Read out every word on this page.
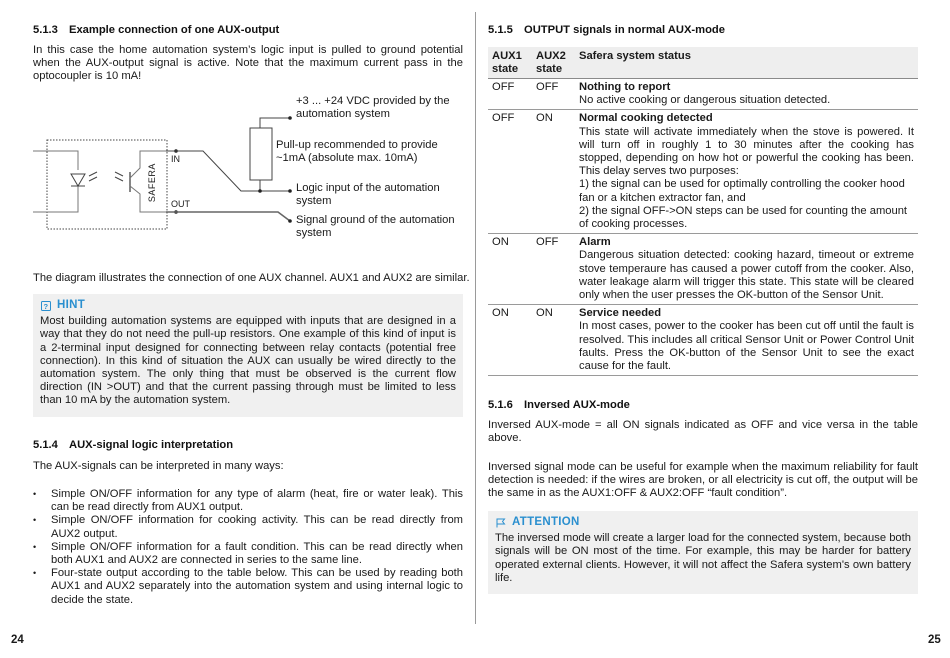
5.1.3 Example connection of one AUX-output
In this case the home automation system’s logic input is pulled to ground potential when the AUX-output signal is active. Note that the maximum current pass in the optocoupler is 10 mA!
SAFERA
IN
OUT
+3 ... +24 VDC provided by the
automation system
Pull-up recommended to provide
~1mA (absolute max. 10mA)
Logic input of the automation
system
Signal ground of the automation
system
The diagram illustrates the connection of one AUX channel. AUX1 and AUX2 are similar.
? HINT
Most building automation systems are equipped with inputs that are designed in a way that they do not need the pull-up resistors. One example of this kind of input is a 2-terminal input designed for connecting between relay contacts (potential free connection). In this kind of situation the AUX can usually be wired directly to the automation system. The only thing that must be observed is the current flow direction (IN >OUT) and that the current passing through must be limited to less than 10 mA by the automation system.
5.1.4 AUX-signal logic interpretation
The AUX-signals can be interpreted in many ways:
• Simple ON/OFF information for any type of alarm (heat, fire or water leak). This can be read directly from AUX1 output.
• Simple ON/OFF information for cooking activity. This can be read directly from AUX2 output.
• Simple ON/OFF information for a fault condition. This can be read directly when both AUX1 and AUX2 are connected in series to the same line.
• Four-state output according to the table below. This can be used by reading both AUX1 and AUX2 separately into the automation system and using internal logic to decide the state.
24
5.1.5 OUTPUT signals in normal AUX-mode
AUX1 state	AUX2 state	Safera system status
OFF	OFF	Nothing to report
No active cooking or dangerous situation detected.

OFF	ON	Normal cooking detected
This state will activate immediately when the stove is powered. It will turn off in roughly 1 to 30 minutes after the cooking has stopped, depending on how hot or powerful the cooking has been. This delay serves two purposes:
1) the signal can be used for optimally controlling the cooker hood fan or a kitchen extractor fan, and
2) the signal OFF->ON steps can be used for counting the amount of cooking processes.

ON	OFF	Alarm
Dangerous situation detected: cooking hazard, timeout or extreme stove temperaure has caused a power cutoff from the cooker. Also, water leakage alarm will trigger this state. This state will be cleared only when the user presses the OK-button of the Sensor Unit.

ON	ON	Service needed
In most cases, power to the cooker has been cut off until the fault is resolved. This includes all critical Sensor Unit or Power Control Unit faults. Press the OK-button of the Sensor Unit to see the exact cause for the fault.
5.1.6 Inversed AUX-mode
Inversed AUX-mode = all ON signals indicated as OFF and vice versa in the table above.
Inversed signal mode can be useful for example when the maximum reliability for fault detection is needed: if the wires are broken, or all electricity is cut off, the output will be the same in as the AUX1:OFF & AUX2:OFF “fault condition”.
ATTENTION
The inversed mode will create a larger load for the connected system, because both signals will be ON most of the time. For example, this may be harder for battery operated external clients. However, it will not affect the Safera system's own battery life.
25
